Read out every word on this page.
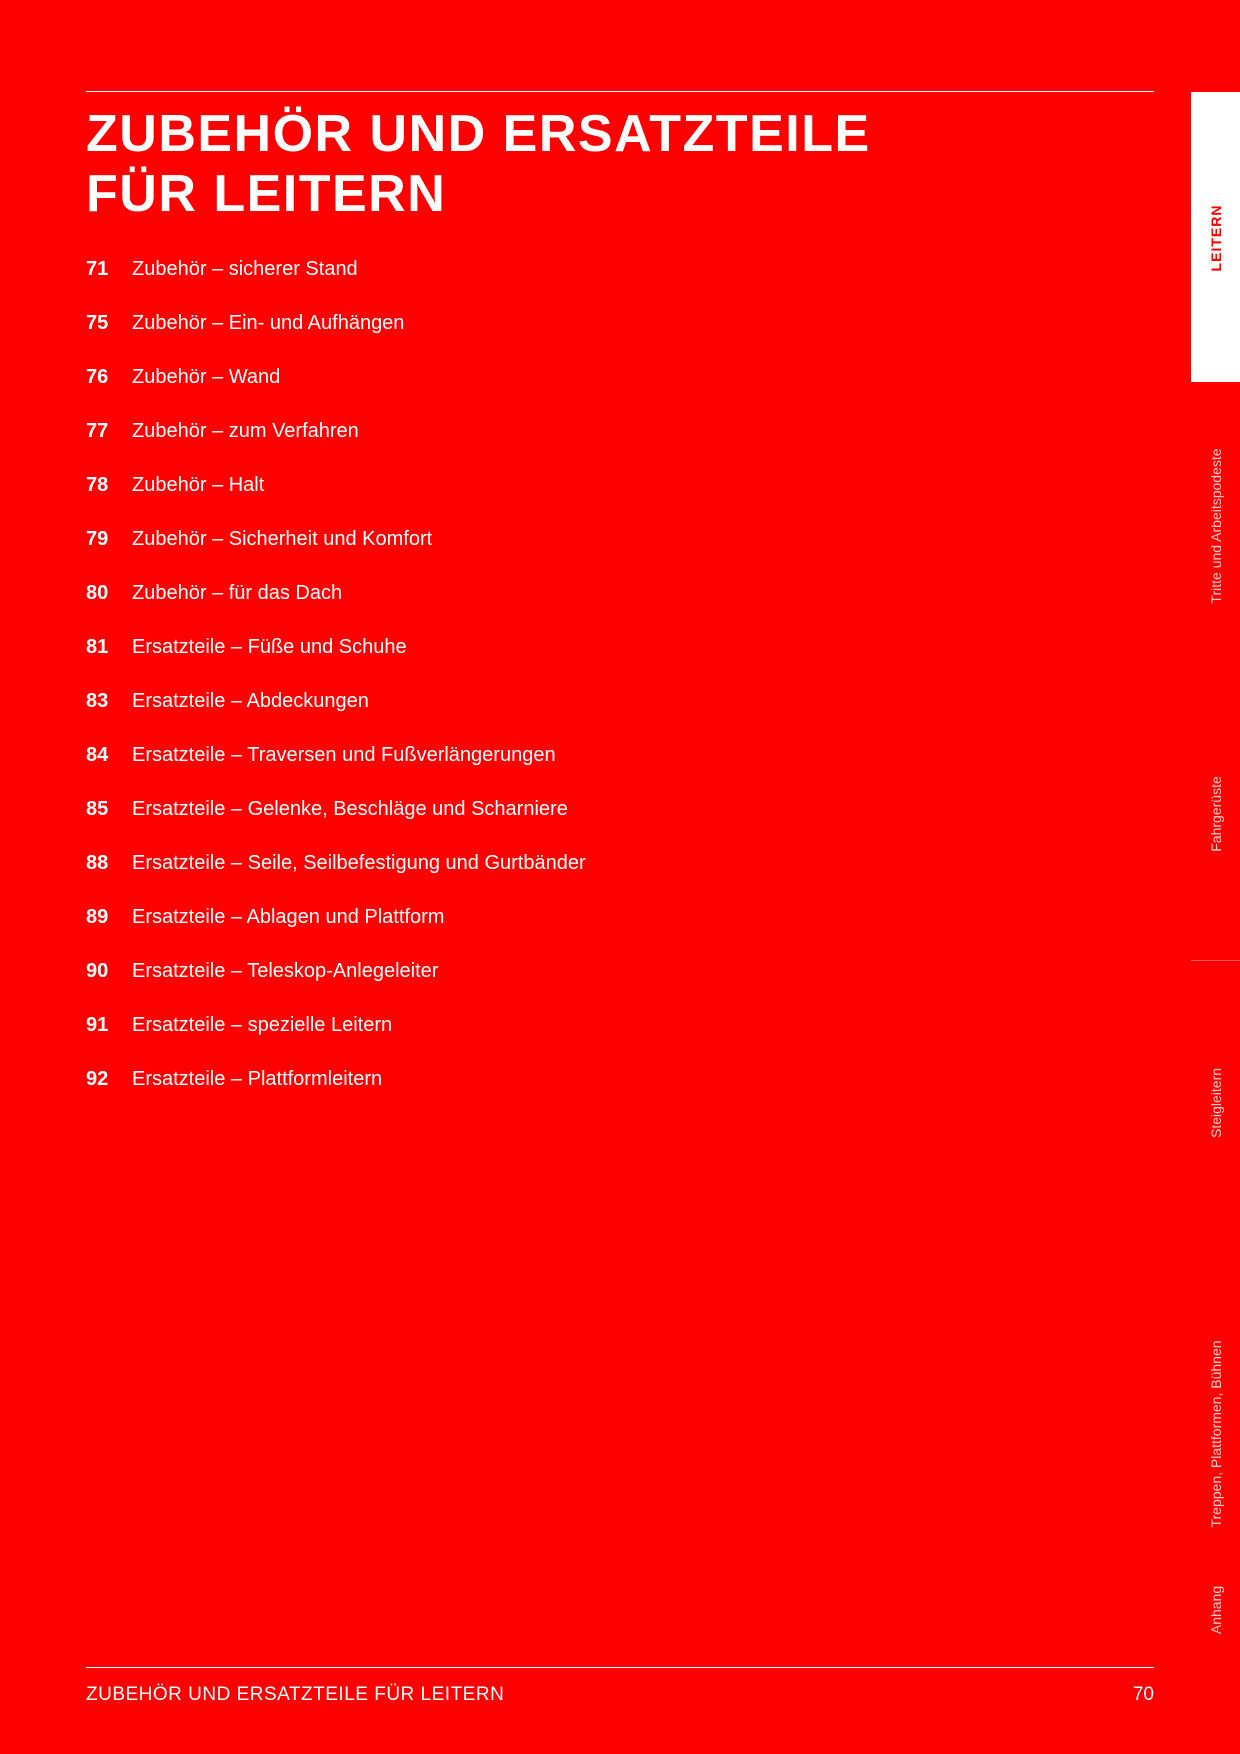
ZUBEHÖR UND ERSATZTEILE
FÜR LEITERN
71	Zubehör – sicherer Stand
75	Zubehör – Ein- und Aufhängen
76	Zubehör – Wand
77	Zubehör – zum Verfahren
78	Zubehör – Halt
79	Zubehör – Sicherheit und Komfort
80	Zubehör – für das Dach
81	Ersatzteile – Füße und Schuhe
83	Ersatzteile – Abdeckungen
84	Ersatzteile – Traversen und Fußverlängerungen
85	Ersatzteile – Gelenke, Beschläge und Scharniere
88	Ersatzteile – Seile, Seilbefestigung und Gurtbänder
89	Ersatzteile – Ablagen und Plattform
90	Ersatzteile – Teleskop-Anlegeleiter
91	Ersatzteile – spezielle Leitern
92	Ersatzteile – Plattformleitern
ZUBEHÖR UND ERSATZTEILE FÜR LEITERN	70
LEITERN
Tritte und Arbeitspodeste
Fahrgerüste
Steigleitern
Treppen, Plattformen, Bühnen
Anhang
